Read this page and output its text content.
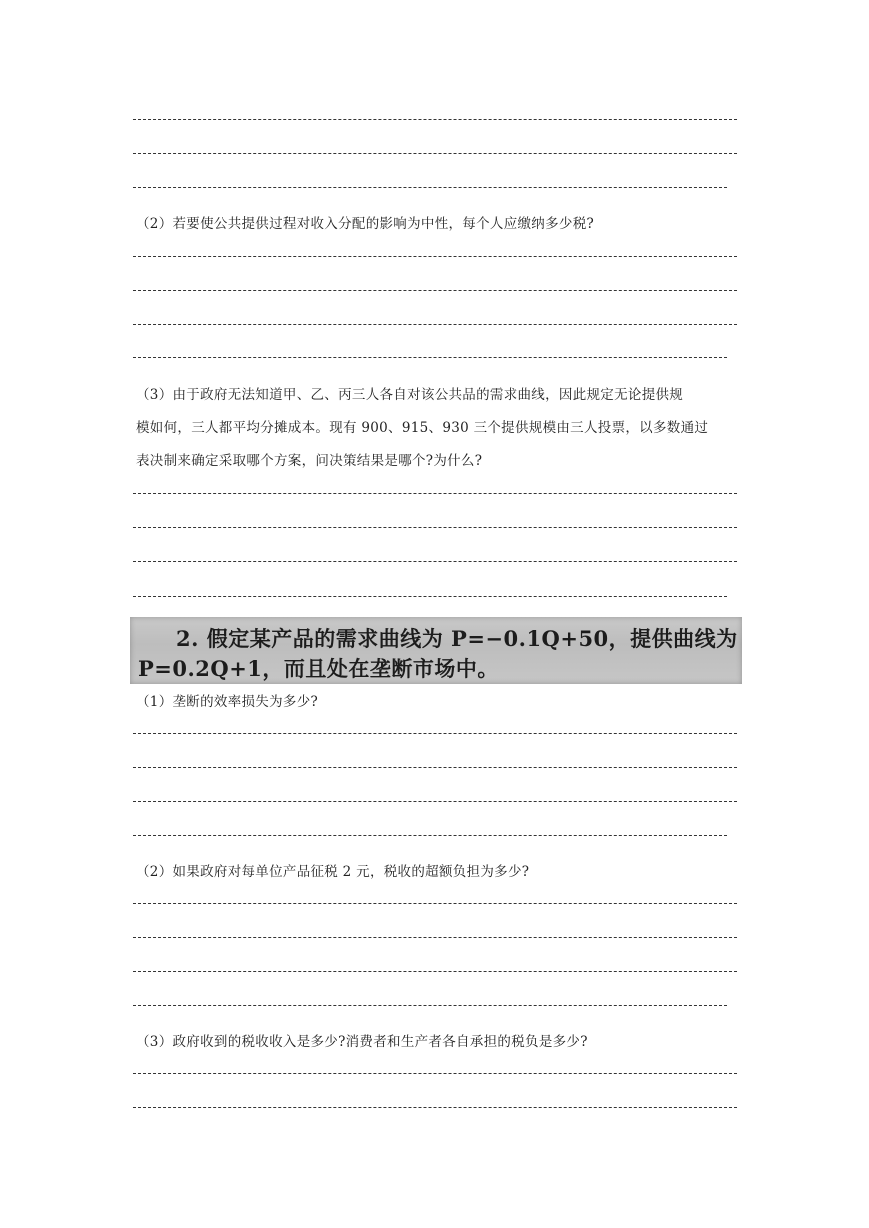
（2）若要使公共提供过程对收入分配的影响为中性，每个人应缴纳多少税?
（3）由于政府无法知道甲、乙、丙三人各自对该公共品的需求曲线，因此规定无论提供规
模如何，三人都平均分摊成本。现有 900、915、930 三个提供规模由三人投票，以多数通过
表决制来确定采取哪个方案，问决策结果是哪个?为什么?
2. 假定某产品的需求曲线为 P=−0.1Q+50，提供曲线为
P=0.2Q+1，而且处在垄断市场中。
（1）垄断的效率损失为多少?
（2）如果政府对每单位产品征税 2 元，税收的超额负担为多少?
（3）政府收到的税收收入是多少?消费者和生产者各自承担的税负是多少?
